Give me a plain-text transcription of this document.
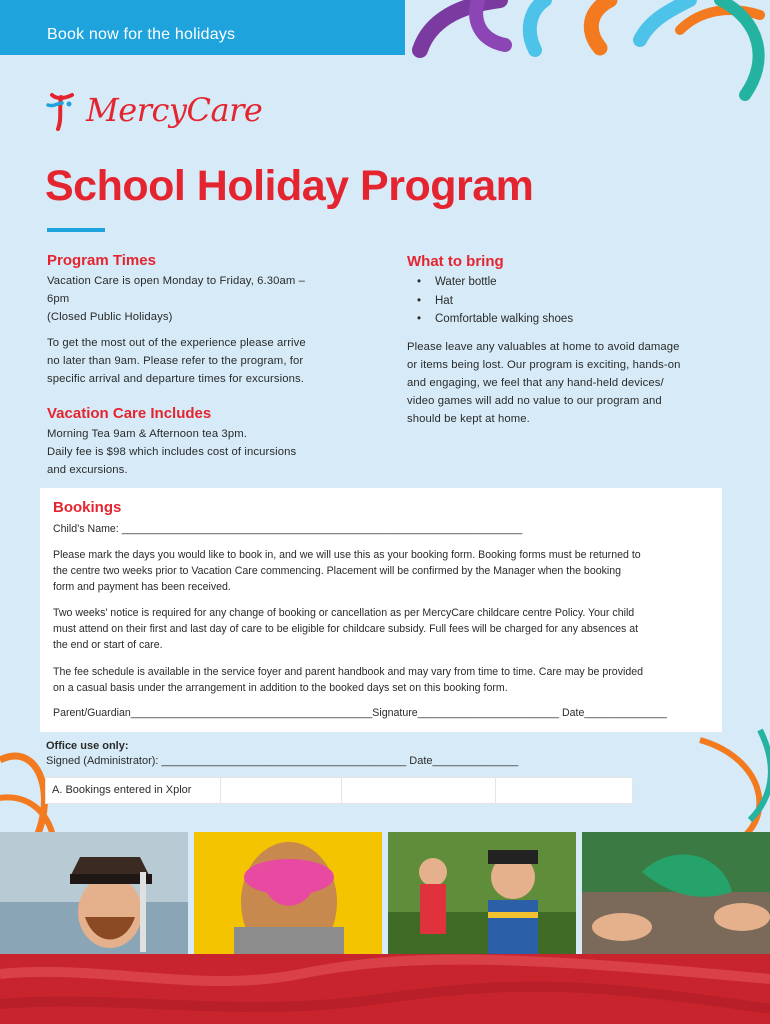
Book now for the holidays
MercyCare
School Holiday Program
Program Times
Vacation Care is open Monday to Friday, 6.30am –
6pm
(Closed Public Holidays)
To get the most out of the experience please arrive
no later than 9am. Please refer to the program, for
specific arrival and departure times for excursions.
Vacation Care Includes
Morning Tea 9am & Afternoon tea 3pm.
Daily fee is $98 which includes cost of incursions
and excursions.
What to bring
• Water bottle
• Hat
• Comfortable walking shoes
Please leave any valuables at home to avoid damage
or items being lost. Our program is exciting, hands-on
and engaging, we feel that any hand-held devices/
video games will add no value to our program and
should be kept at home.
Bookings
Child’s Name: ____________________________________________________________________
Please mark the days you would like to book in, and we will use this as your booking form. Booking forms must be returned to
the centre two weeks prior to Vacation Care commencing. Placement will be confirmed by the Manager when the booking
form and payment has been received.
Two weeks’ notice is required for any change of booking or cancellation as per MercyCare childcare centre Policy. Your child
must attend on their first and last day of care to be eligible for childcare subsidy. Full fees will be charged for any absences at
the end or start of care.
The fee schedule is available in the service foyer and parent handbook and may vary from time to time. Care may be provided
on a casual basis under the arrangement in addition to the booked days set on this booking form.
Parent/Guardian_________________________________________Signature________________________ Date______________
Office use only:
Signed (Administrator): ________________________________________ Date______________
A. Bookings entered in Xplor
